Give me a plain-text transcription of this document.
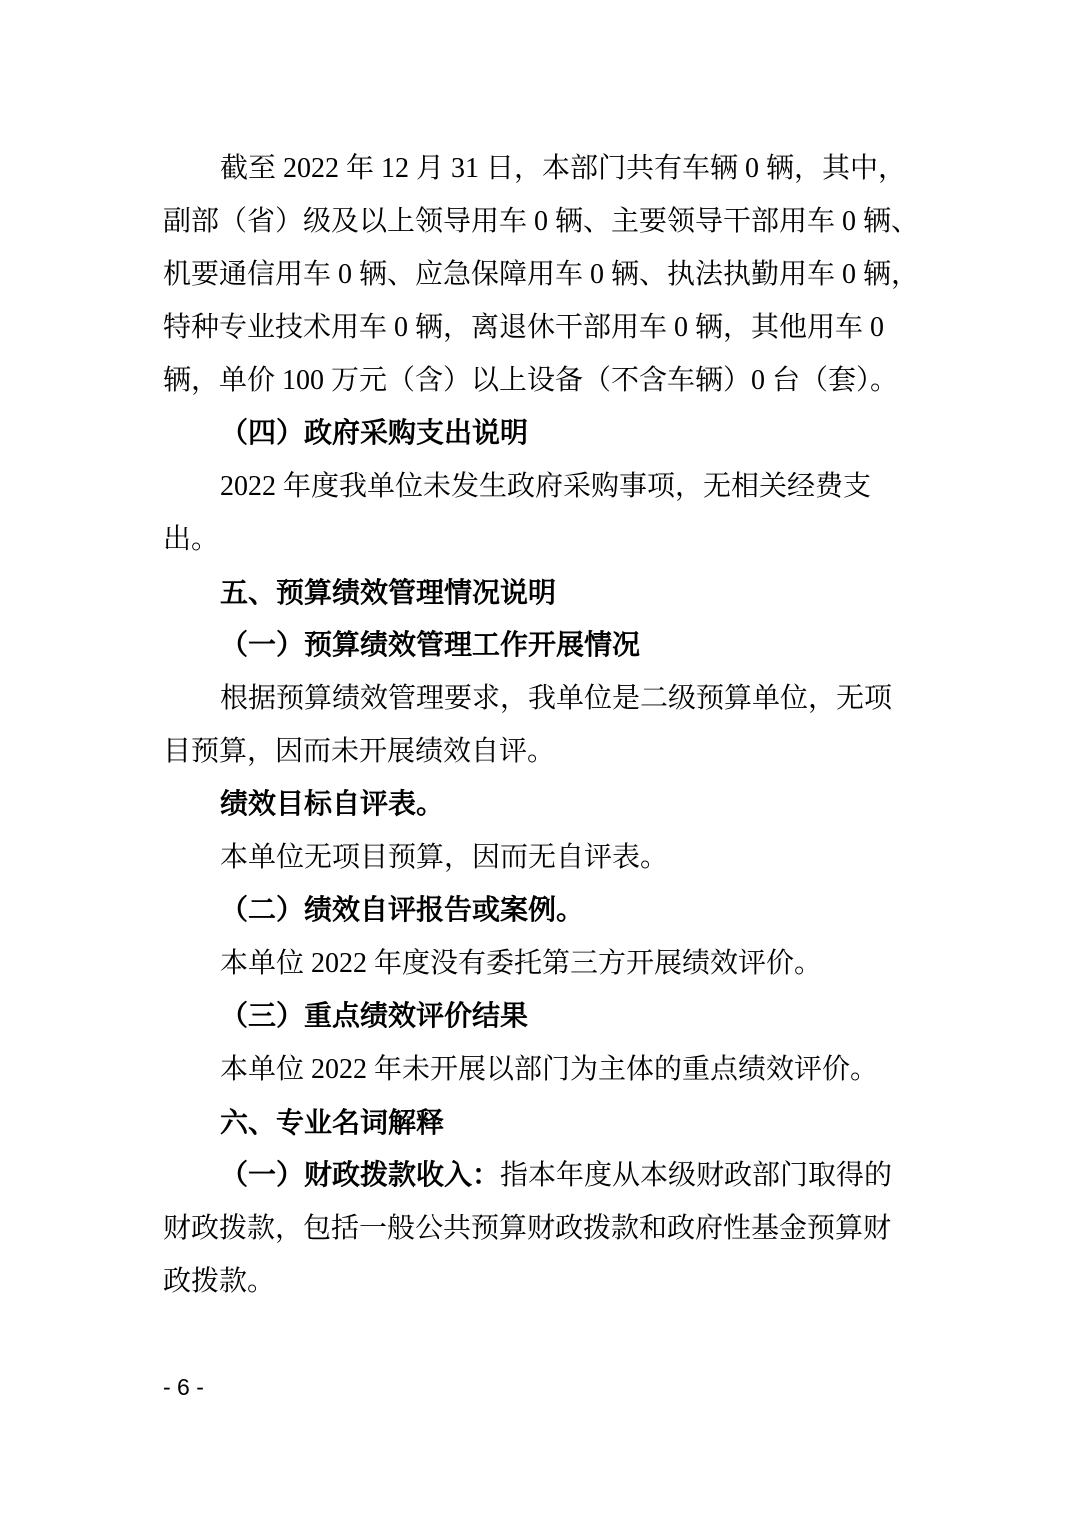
截至 2022 年 12 月 31 日，本部门共有车辆 0 辆，其中，
副部（省）级及以上领导用车 0 辆、主要领导干部用车 0 辆、
机要通信用车 0 辆、应急保障用车 0 辆、执法执勤用车 0 辆，
特种专业技术用车 0 辆，离退休干部用车 0 辆，其他用车 0
辆，单价 100 万元（含）以上设备（不含车辆）0 台（套）。
（四）政府采购支出说明
2022 年度我单位未发生政府采购事项，无相关经费支
出。
五、预算绩效管理情况说明
（一）预算绩效管理工作开展情况
根据预算绩效管理要求，我单位是二级预算单位，无项
目预算，因而未开展绩效自评。
绩效目标自评表。
本单位无项目预算，因而无自评表。
（二）绩效自评报告或案例。
本单位 2022 年度没有委托第三方开展绩效评价。
（三）重点绩效评价结果
本单位 2022 年未开展以部门为主体的重点绩效评价。
六、专业名词解释
（一）财政拨款收入：指本年度从本级财政部门取得的
财政拨款，包括一般公共预算财政拨款和政府性基金预算财
政拨款。
- 6 -
